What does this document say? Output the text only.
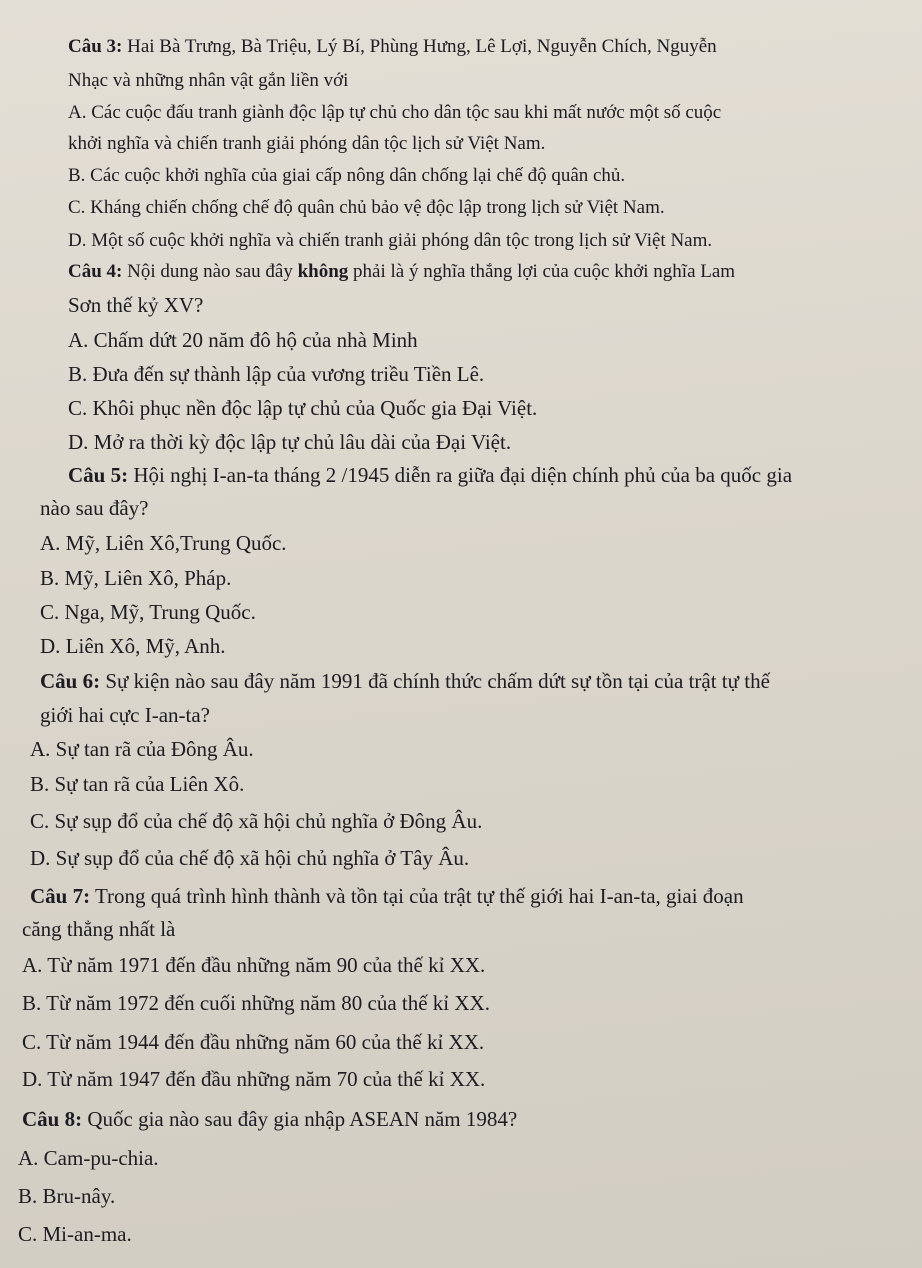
Câu 3: Hai Bà Trưng, Bà Triệu, Lý Bí, Phùng Hưng, Lê Lợi, Nguyễn Chích, Nguyễn
Nhạc và những nhân vật gắn liền với
A. Các cuộc đấu tranh giành độc lập tự chủ cho dân tộc sau khi mất nước một số cuộc
khởi nghĩa và chiến tranh giải phóng dân tộc lịch sử Việt Nam.
B. Các cuộc khởi nghĩa của giai cấp nông dân chống lại chế độ quân chủ.
C. Kháng chiến chống chế độ quân chủ bảo vệ độc lập trong lịch sử Việt Nam.
D. Một số cuộc khởi nghĩa và chiến tranh giải phóng dân tộc trong lịch sử Việt Nam.
Câu 4: Nội dung nào sau đây không phải là ý nghĩa thắng lợi của cuộc khởi nghĩa Lam
Sơn thế kỷ XV?
A. Chấm dứt 20 năm đô hộ của nhà Minh
B. Đưa đến sự thành lập của vương triều Tiền Lê.
C. Khôi phục nền độc lập tự chủ của Quốc gia Đại Việt.
D. Mở ra thời kỳ độc lập tự chủ lâu dài của Đại Việt.
Câu 5: Hội nghị I-an-ta tháng 2 /1945 diễn ra giữa đại diện chính phủ của ba quốc gia
nào sau đây?
A. Mỹ, Liên Xô,Trung Quốc.
B. Mỹ, Liên Xô, Pháp.
C. Nga, Mỹ, Trung Quốc.
D. Liên Xô, Mỹ, Anh.
Câu 6: Sự kiện nào sau đây năm 1991 đã chính thức chấm dứt sự tồn tại của trật tự thế
giới hai cực I-an-ta?
A. Sự tan rã của Đông Âu.
B. Sự tan rã của Liên Xô.
C. Sự sụp đổ của chế độ xã hội chủ nghĩa ở Đông Âu.
D. Sự sụp đổ của chế độ xã hội chủ nghĩa ở Tây Âu.
Câu 7: Trong quá trình hình thành và tồn tại của trật tự thế giới hai I-an-ta, giai đoạn
căng thẳng nhất là
A. Từ năm 1971 đến đầu những năm 90 của thế kỉ XX.
B. Từ năm 1972 đến cuối những năm 80 của thế kỉ XX.
C. Từ năm 1944 đến đầu những năm 60 của thế kỉ XX.
D. Từ năm 1947 đến đầu những năm 70 của thế kỉ XX.
Câu 8: Quốc gia nào sau đây gia nhập ASEAN năm 1984?
A. Cam-pu-chia.
B. Bru-nây.
C. Mi-an-ma.
